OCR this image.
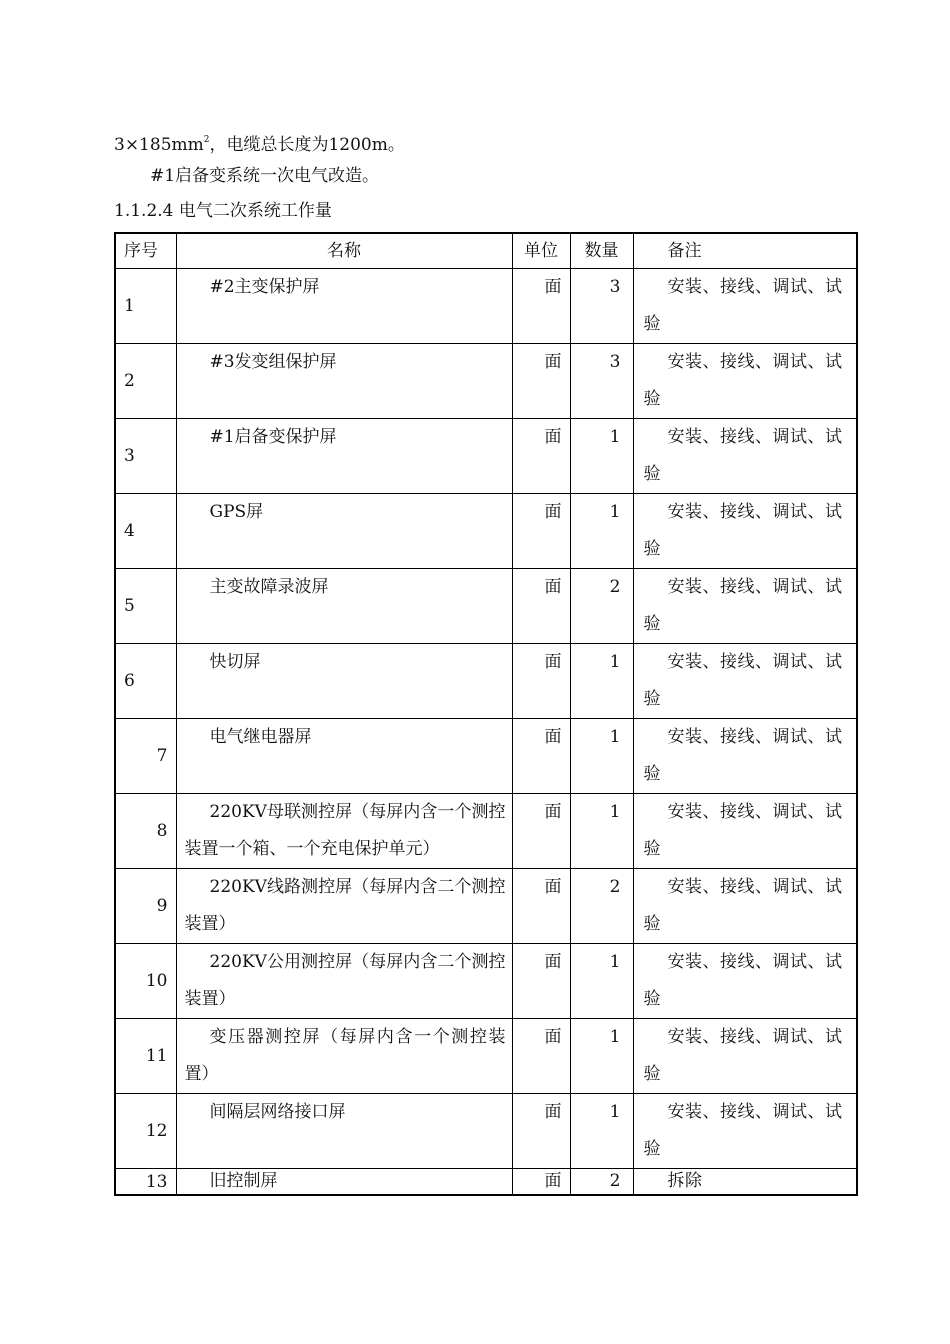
$3\times 185mm^2$，电缆总长度为1200m。
#1启备变系统一次电气改造。
1.1.2.4 电气二次系统工作量
序号	名称	单位	数量	备注
1	#2主变保护屏	面	3	安装、接线、调试、试验
2	#3发变组保护屏	面	3	安装、接线、调试、试验
3	#1启备变保护屏	面	1	安装、接线、调试、试验
4	GPS屏	面	1	安装、接线、调试、试验
5	主变故障录波屏	面	2	安装、接线、调试、试验
6	快切屏	面	1	安装、接线、调试、试验
7	电气继电器屏	面	1	安装、接线、调试、试验
8	220KV母联测控屏（每屏内含一个测控装置一个箱、一个充电保护单元）	面	1	安装、接线、调试、试验
9	220KV线路测控屏（每屏内含二个测控装置）	面	2	安装、接线、调试、试验
10	220KV公用测控屏（每屏内含二个测控装置）	面	1	安装、接线、调试、试验
11	变压器测控屏（每屏内含一个测控装置）	面	1	安装、接线、调试、试验
12	间隔层网络接口屏	面	1	安装、接线、调试、试验
13	旧控制屏	面	2	拆除
